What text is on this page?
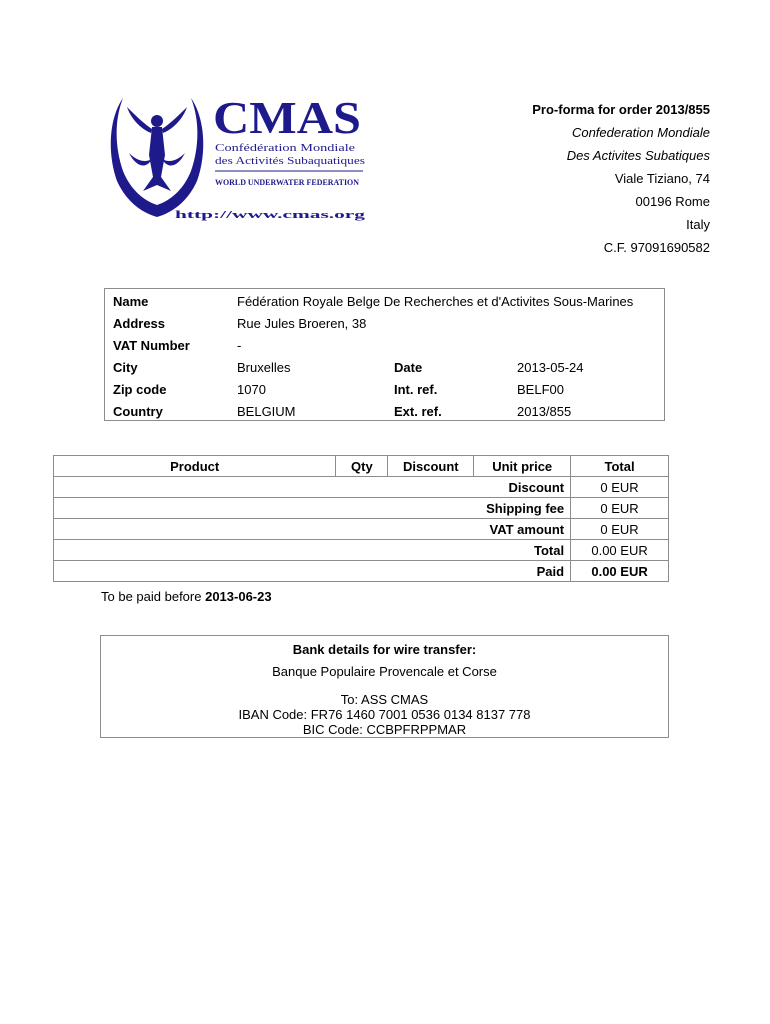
CMAS
Confédération Mondiale
des Activités Subaquatiques
WORLD UNDERWATER FEDERATION
http://www.cmas.org
Pro-forma for order 2013/855
Confederation Mondiale
Des Activites Subatiques
Viale Tiziano, 74
00196 Rome
Italy
C.F. 97091690582
Name	Fédération Royale Belge De Recherches et d'Activites Sous-Marines
Address	Rue Jules Broeren, 38
VAT Number	-
City	Bruxelles	Date	2013-05-24
Zip code	1070	Int. ref.	BELF00
Country	BELGIUM	Ext. ref.	2013/855
Product	Qty	Discount	Unit price	Total
Discount				0 EUR
Shipping fee				0 EUR
VAT amount				0 EUR
Total				0.00 EUR
Paid				0.00 EUR
To be paid before 2013-06-23
Bank details for wire transfer:
Banque Populaire Provencale et Corse
To: ASS CMAS
IBAN Code: FR76 1460 7001 0536 0134 8137 778
BIC Code: CCBPFRPPMAR
